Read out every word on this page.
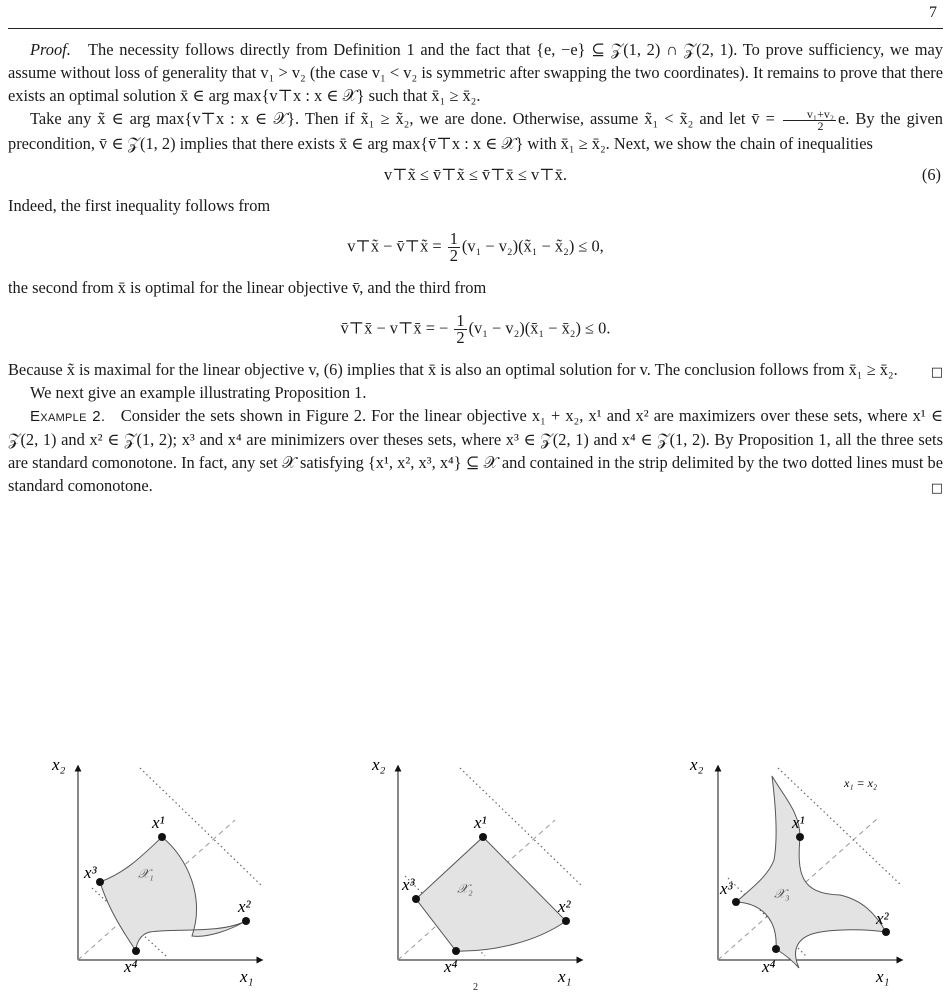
7

Proof. The necessity follows directly from Definition 1 and the fact that {e, −e} ⊆ 𝒵(1, 2) ∩ 𝒵(2, 1). To prove sufficiency, we may assume without loss of generality that v₁ > v₂ (the case v₁ < v₂ is symmetric after swapping the two coordinates). It remains to prove that there exists an optimal solution x̄ ∈ arg max{v⊤x : x ∈ 𝒳} such that x̄₁ ≥ x̄₂.

Take any x̃ ∈ arg max{v⊤x : x ∈ 𝒳}. Then if x̃₁ ≥ x̃₂, we are done. Otherwise, assume x̃₁ < x̃₂ and let v̄ = $\frac{\text{v₁+v₂}}{2} e$. By the given precondition, v̄ ∈ 𝒵(1, 2) implies that there exists x̄ ∈ arg max{v̄⊤x : x ∈ 𝒳} with x̄₁ ≥ x̄₂. Next, we show the chain of inequalities

v⊤x̃ ≤ v̄⊤x̃ ≤ v̄⊤x̄ ≤ v⊤x̄.	(6)

Indeed, the first inequality follows from

v⊤x̃ − v̄⊤x̃ = $\frac{1}{2} (v_1$ − v₂)(x̃₁ − x̃₂) ≤ 0,

the second from x̄ is optimal for the linear objective v̄, and the third from

v̄⊤x̄ − v⊤x̄ = − $\frac{1}{2} (v_1$ − v₂)(x̄₁ − x̄₂) ≤ 0.

Because x̃ is maximal for the linear objective v, (6) implies that x̄ is also an optimal solution for v. The conclusion follows from x̄₁ ≥ x̄₂.	□

We next give an example illustrating Proposition 1.

Example 2. Consider the sets shown in Figure 2. For the linear objective x₁ + x₂, x¹ and x² are maximizers over these sets, where x¹ ∈ 𝒵(2, 1) and x² ∈ 𝒵(1, 2); x³ and x⁴ are minimizers over theses sets, where x³ ∈ 𝒵(2, 1) and x⁴ ∈ 𝒵(1, 2). By Proposition 1, all the three sets are standard comonotone. In fact, any set 𝒳 satisfying {x¹, x², x³, x⁴} ⊆ 𝒳 and contained in the strip delimited by the two dotted lines must be standard comonotone.	□

x₂
x₁
x¹
x²
x³
x⁴
𝒳₁
x₂
x₁
x¹
x²
x³
x⁴
𝒳₂
x₂
x₁
x₁ = x₂
x¹
x²
x³
x⁴
𝒳₃
2
